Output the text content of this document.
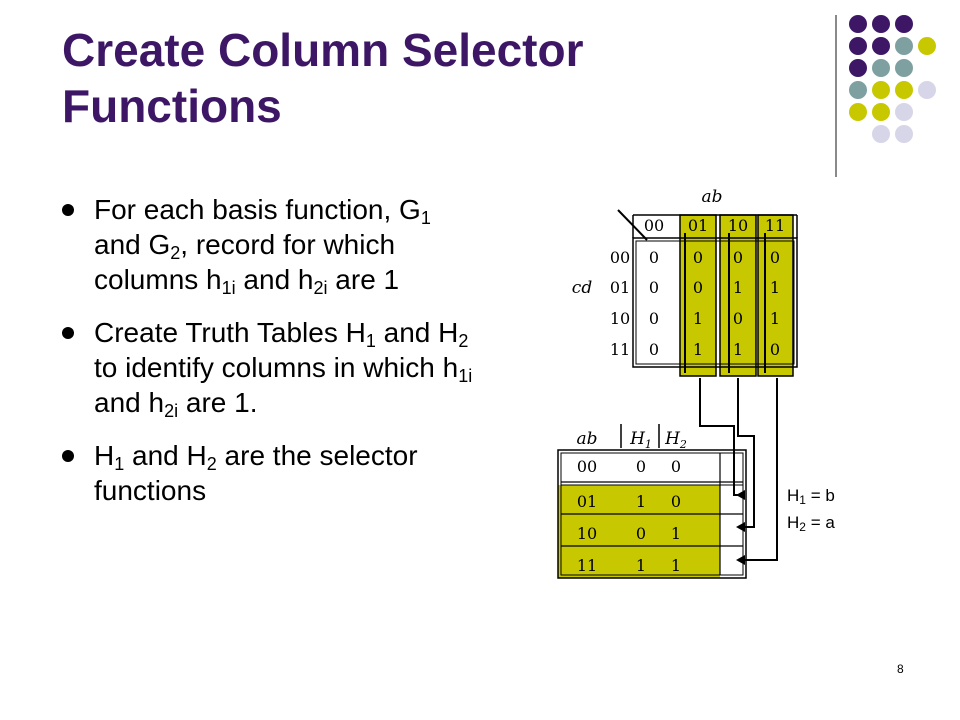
Create Column Selector Functions
For each basis function, $G_1$ and $G_2$, record for which columns $h_{1i}$ and $h_{2i}$ are 1
Create Truth Tables $H_1$ and $H_2$ to identify columns in which $h_{1i}$ and $h_{2i}$ are 1.
$H_1$ and $H_2$ are the selector functions
ab
cd
00 01 10 11
00
01
10
11
0 0 0 0
0 0 1 1
0 1 0 1
0 1 1 0
ab $H_1$ $H_2$
00 0 0
01 1 0
10 0 1
11 1 1
$H_1 = b$
$H_2 = a$
8
